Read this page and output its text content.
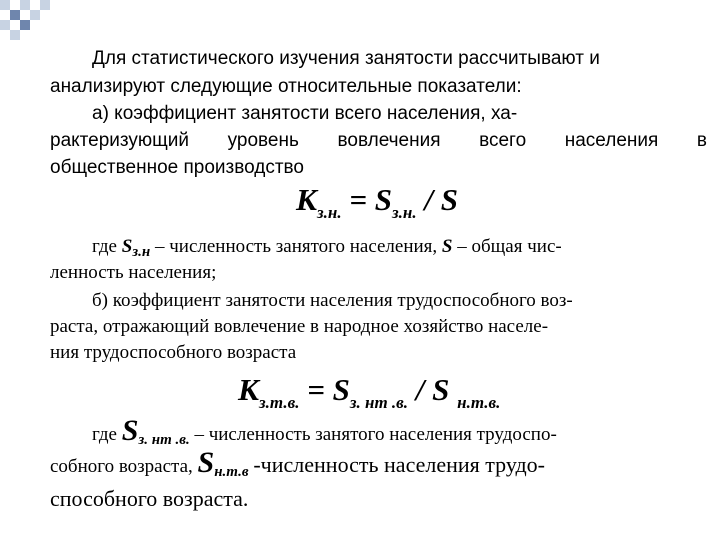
Для статистического изучения занятости рассчитывают и
анализируют следующие относительные показатели:
а) коэффициент занятости всего населения, ха-
рактеризующий уровень вовлечения всего населения в
общественное производство
$К_{з.н.} = S_{з.н.} / S$
где $S_{з.н}$ – численность занятого населения, S – общая чис-
ленность населения;
б) коэффициент занятости населения трудоспособного воз-
раста, отражающий вовлечение в народное хозяйство населе-
ния трудоспособного возраста
$К_{з.т.в.} = S_{з. нт .в.} / S$ $_{н.т.в.}$
где $S_{з. нт .в.}$ – численность занятого населения трудоспо-
собного возраста, $S_{н.т.в}$ -численность населения трудо-
способного возраста.
